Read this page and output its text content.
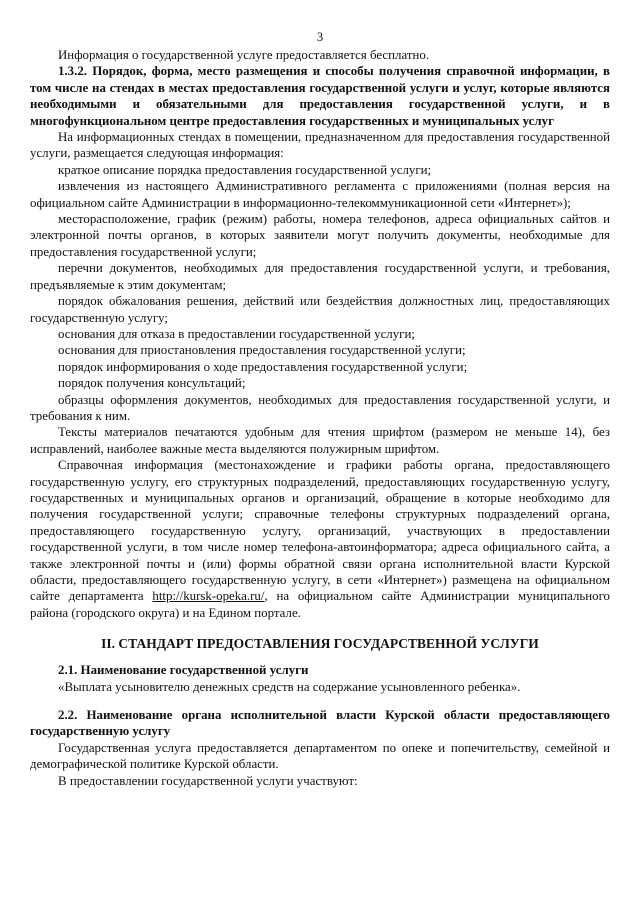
3

Информация о государственной услуге предоставляется бесплатно.

1.3.2. Порядок, форма, место размещения и способы получения справочной информации, в том числе на стендах в местах предоставления государственной услуги и услуг, которые являются необходимыми и обязательными для предоставления государственной услуги, и в многофункциональном центре предоставления государственных и муниципальных услуг

На информационных стендах в помещении, предназначенном для предоставления государственной услуги, размещается следующая информация:

краткое описание порядка предоставления государственной услуги;

извлечения из настоящего Административного регламента с приложениями (полная версия на официальном сайте Администрации в информационно-телекоммуникационной сети «Интернет»);

месторасположение, график (режим) работы, номера телефонов, адреса официальных сайтов и электронной почты органов, в которых заявители могут получить документы, необходимые для предоставления государственной услуги;

перечни документов, необходимых для предоставления государственной услуги, и требования, предъявляемые к этим документам;

порядок обжалования решения, действий или бездействия должностных лиц, предоставляющих государственную услугу;

основания для отказа в предоставлении государственной услуги;

основания для приостановления предоставления государственной услуги;

порядок информирования о ходе предоставления государственной услуги;

порядок получения консультаций;

образцы оформления документов, необходимых для предоставления государственной услуги, и требования к ним.

Тексты материалов печатаются удобным для чтения шрифтом (размером не меньше 14), без исправлений, наиболее важные места выделяются полужирным шрифтом.

Справочная информация (местонахождение и графики работы органа, предоставляющего государственную услугу, его структурных подразделений, предоставляющих государственную услугу, государственных и муниципальных органов и организаций, обращение в которые необходимо для получения государственной услуги; справочные телефоны структурных подразделений органа, предоставляющего государственную услугу, организаций, участвующих в предоставлении государственной услуги, в том числе номер телефона-автоинформатора; адреса официального сайта, а также электронной почты и (или) формы обратной связи органа исполнительной власти Курской области, предоставляющего государственную услугу, в сети «Интернет») размещена на официальном сайте департамента http://kursk-opeka.ru/, на официальном сайте Администрации муниципального района (городского округа) и на Едином портале.

II. СТАНДАРТ ПРЕДОСТАВЛЕНИЯ ГОСУДАРСТВЕННОЙ УСЛУГИ

2.1. Наименование государственной услуги

«Выплата усыновителю денежных средств на содержание усыновленного ребенка».

2.2. Наименование органа исполнительной власти Курской области предоставляющего государственную услугу

Государственная услуга предоставляется департаментом по опеке и попечительству, семейной и демографической политике Курской области.

В предоставлении государственной услуги участвуют:
